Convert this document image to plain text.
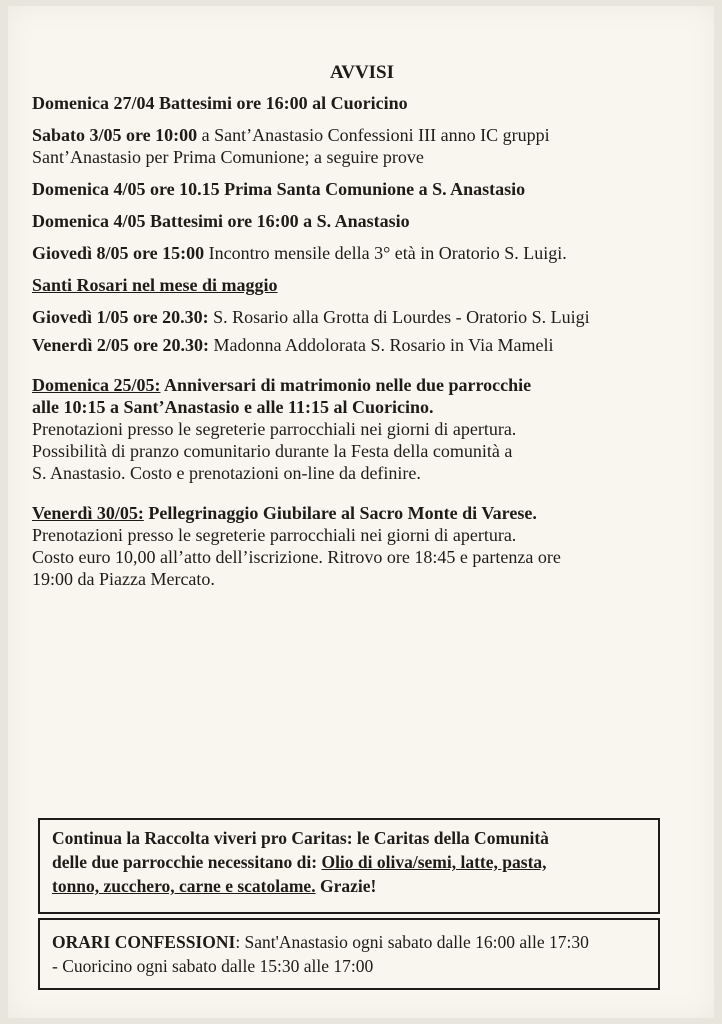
AVVISI

Domenica 27/04 Battesimi ore 16:00 al Cuoricino

Sabato 3/05 ore 10:00 a Sant’Anastasio Confessioni III anno IC gruppi

Sant’Anastasio per Prima Comunione; a seguire prove

Domenica 4/05 ore 10.15 Prima Santa Comunione a S. Anastasio

Domenica 4/05 Battesimi ore 16:00 a S. Anastasio

Giovedì 8/05 ore 15:00 Incontro mensile della 3° età in Oratorio S. Luigi.

Santi Rosari nel mese di maggio

Giovedì 1/05 ore 20.30: S. Rosario alla Grotta di Lourdes - Oratorio S. Luigi

Venerdì 2/05 ore 20.30: Madonna Addolorata S. Rosario in Via Mameli

Domenica 25/05: Anniversari di matrimonio nelle due parrocchie

alle 10:15 a Sant’Anastasio e alle 11:15 al Cuoricino.

Prenotazioni presso le segreterie parrocchiali nei giorni di apertura.

Possibilità di pranzo comunitario durante la Festa della comunità a

S. Anastasio. Costo e prenotazioni on-line da definire.

Venerdì 30/05: Pellegrinaggio Giubilare al Sacro Monte di Varese.

Prenotazioni presso le segreterie parrocchiali nei giorni di apertura.

Costo euro 10,00 all’atto dell’iscrizione. Ritrovo ore 18:45 e partenza ore

19:00 da Piazza Mercato.

Continua la Raccolta viveri pro Caritas: le Caritas della Comunità

delle due parrocchie necessitano di: Olio di oliva/semi, latte, pasta,

tonno, zucchero, carne e scatolame. Grazie!

ORARI CONFESSIONI: Sant'Anastasio ogni sabato dalle 16:00 alle 17:30

- Cuoricino ogni sabato dalle 15:30 alle 17:00
